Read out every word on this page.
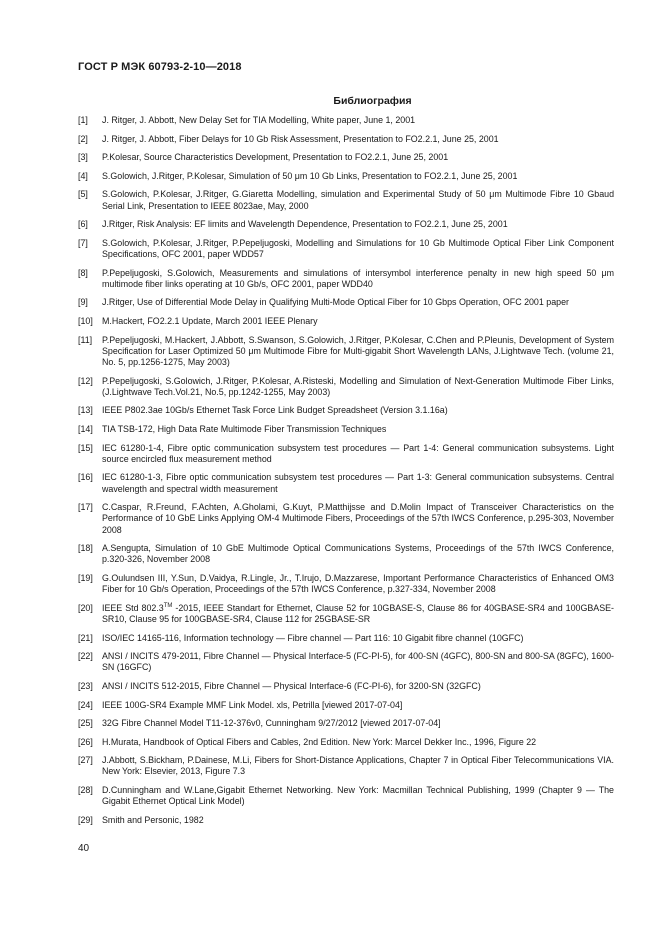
ГОСТ Р МЭК 60793-2-10—2018
Библиография
[1]	J. Ritger, J. Abbott, New Delay Set for TIA Modelling, White paper, June 1, 2001
[2]	J. Ritger, J. Abbott, Fiber Delays for 10 Gb Risk Assessment, Presentation to FO2.2.1, June 25, 2001
[3]	P.Kolesar, Source Characteristics Development, Presentation to FO2.2.1, June 25, 2001
[4]	S.Golowich, J.Ritger, P.Kolesar, Simulation of 50 μm 10 Gb Links, Presentation to FO2.2.1, June 25, 2001
[5]	S.Golowich, P.Kolesar, J.Ritger, G.Giaretta Modelling, simulation and Experimental Study of 50 μm Multimode Fibre 10 Gbaud Serial Link, Presentation to IEEE 8023ae, May, 2000
[6]	J.Ritger, Risk Analysis: EF limits and Wavelength Dependence, Presentation to FO2.2.1, June 25, 2001
[7]	S.Golowich, P.Kolesar, J.Ritger, P.Pepeljugoski, Modelling and Simulations for 10 Gb Multimode Optical Fiber Link Component Specifications, OFC 2001, paper WDD57
[8]	P.Pepeljugoski, S.Golowich, Measurements and simulations of intersymbol interference penalty in new high speed 50 μm multimode fiber links operating at 10 Gb/s, OFC 2001, paper WDD40
[9]	J.Ritger, Use of Differential Mode Delay in Qualifying Multi-Mode Optical Fiber for 10 Gbps Operation, OFC 2001 paper
[10]	M.Hackert, FO2.2.1 Update, March 2001 IEEE Plenary
[11]	P.Pepeljugoski, M.Hackert, J.Abbott, S.Swanson, S.Golowich, J.Ritger, P.Kolesar, C.Chen and P.Pleunis, Development of System Specification for Laser Optimized 50 μm Multimode Fibre for Multi-gigabit Short Wavelength LANs, J.Lightwave Tech. (volume 21, No. 5, pp.1256-1275, May 2003)
[12]	P.Pepeljugoski, S.Golowich, J.Ritger, P.Kolesar, A.Risteski, Modelling and Simulation of Next-Generation Multimode Fiber Links, (J.Lightwave Tech.Vol.21, No.5, pp.1242-1255, May 2003)
[13]	IEEE P802.3ae 10Gb/s Ethernet Task Force Link Budget Spreadsheet (Version 3.1.16a)
[14]	TIA TSB-172, High Data Rate Multimode Fiber Transmission Techniques
[15]	IEC 61280-1-4, Fibre optic communication subsystem test procedures — Part 1-4: General communication subsystems. Light source encircled flux measurement method
[16]	IEC 61280-1-3, Fibre optic communication subsystem test procedures — Part 1-3: General communication subsystems. Central wavelength and spectral width measurement
[17]	C.Caspar, R.Freund, F.Achten, A.Gholami, G.Kuyt, P.Matthijsse and D.Molin Impact of Transceiver Characteristics on the Performance of 10 GbE Links Applying OM-4 Multimode Fibers, Proceedings of the 57th IWCS Conference, p.295-303, November 2008
[18]	A.Sengupta, Simulation of 10 GbE Multimode Optical Communications Systems, Proceedings of the 57th IWCS Conference, p.320-326, November 2008
[19]	G.Oulundsen III, Y.Sun, D.Vaidya, R.Lingle, Jr., T.Irujo, D.Mazzarese, Important Performance Characteristics of Enhanced OM3 Fiber for 10 Gb/s Operation, Proceedings of the 57th IWCS Conference, p.327-334, November 2008
[20]	IEEE Std 802.3™ -2015, IEEE Standart for Ethernet, Clause 52 for 10GBASE-S, Clause 86 for 40GBASE-SR4 and 100GBASE-SR10, Clause 95 for 100GBASE-SR4, Clause 112 for 25GBASE-SR
[21]	ISO/IEC 14165-116, Information technology — Fibre channel — Part 116: 10 Gigabit fibre channel (10GFC)
[22]	ANSI / INCITS 479-2011, Fibre Channel — Physical Interface-5 (FC-PI-5), for 400-SN (4GFC), 800-SN and 800-SA (8GFC), 1600-SN (16GFC)
[23]	ANSI / INCITS 512-2015, Fibre Channel — Physical Interface-6 (FC-PI-6), for 3200-SN (32GFC)
[24]	IEEE 100G-SR4 Example MMF Link Model. xls, Petrilla [viewed 2017-07-04]
[25]	32G Fibre Channel Model T11-12-376v0, Cunningham 9/27/2012 [viewed 2017-07-04]
[26]	H.Murata, Handbook of Optical Fibers and Cables, 2nd Edition. New York: Marcel Dekker Inc., 1996, Figure 22
[27]	J.Abbott, S.Bickham, P.Dainese, M.Li, Fibers for Short-Distance Applications, Chapter 7 in Optical Fiber Telecommunications VIA. New York: Elsevier, 2013, Figure 7.3
[28]	D.Cunningham and W.Lane,Gigabit Ethernet Networking. New York: Macmillan Technical Publishing, 1999 (Chapter 9 — The Gigabit Ethernet Optical Link Model)
[29]	Smith and Personic, 1982
40
